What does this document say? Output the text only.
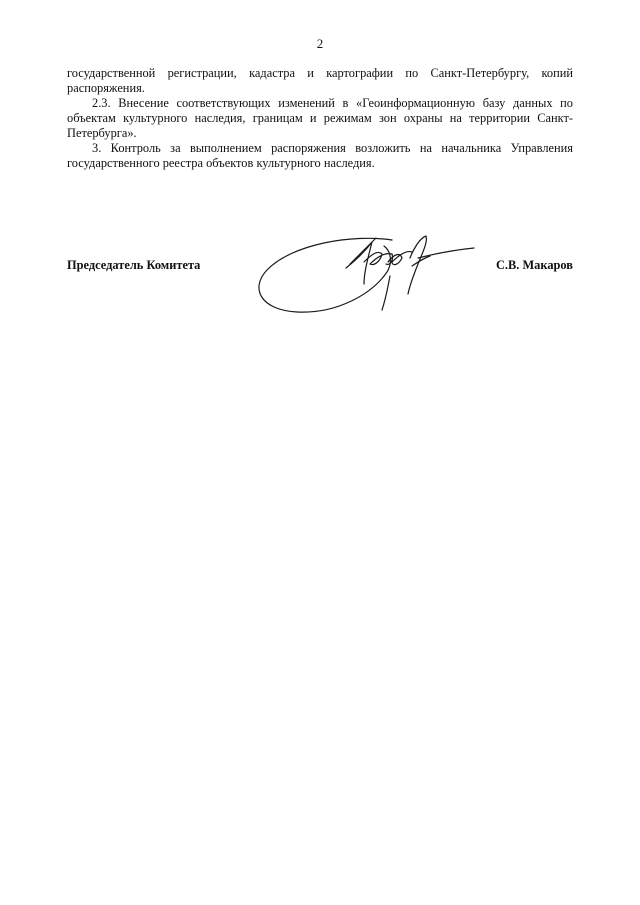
2

государственной регистрации, кадастра и картографии по Санкт-Петербургу, копий распоряжения.

2.3. Внесение соответствующих изменений в «Геоинформационную базу данных по объектам культурного наследия, границам и режимам зон охраны на территории Санкт-Петербурга».

3. Контроль за выполнением распоряжения возложить на начальника Управления государственного реестра объектов культурного наследия.

Председатель Комитета	С.В. Макаров
